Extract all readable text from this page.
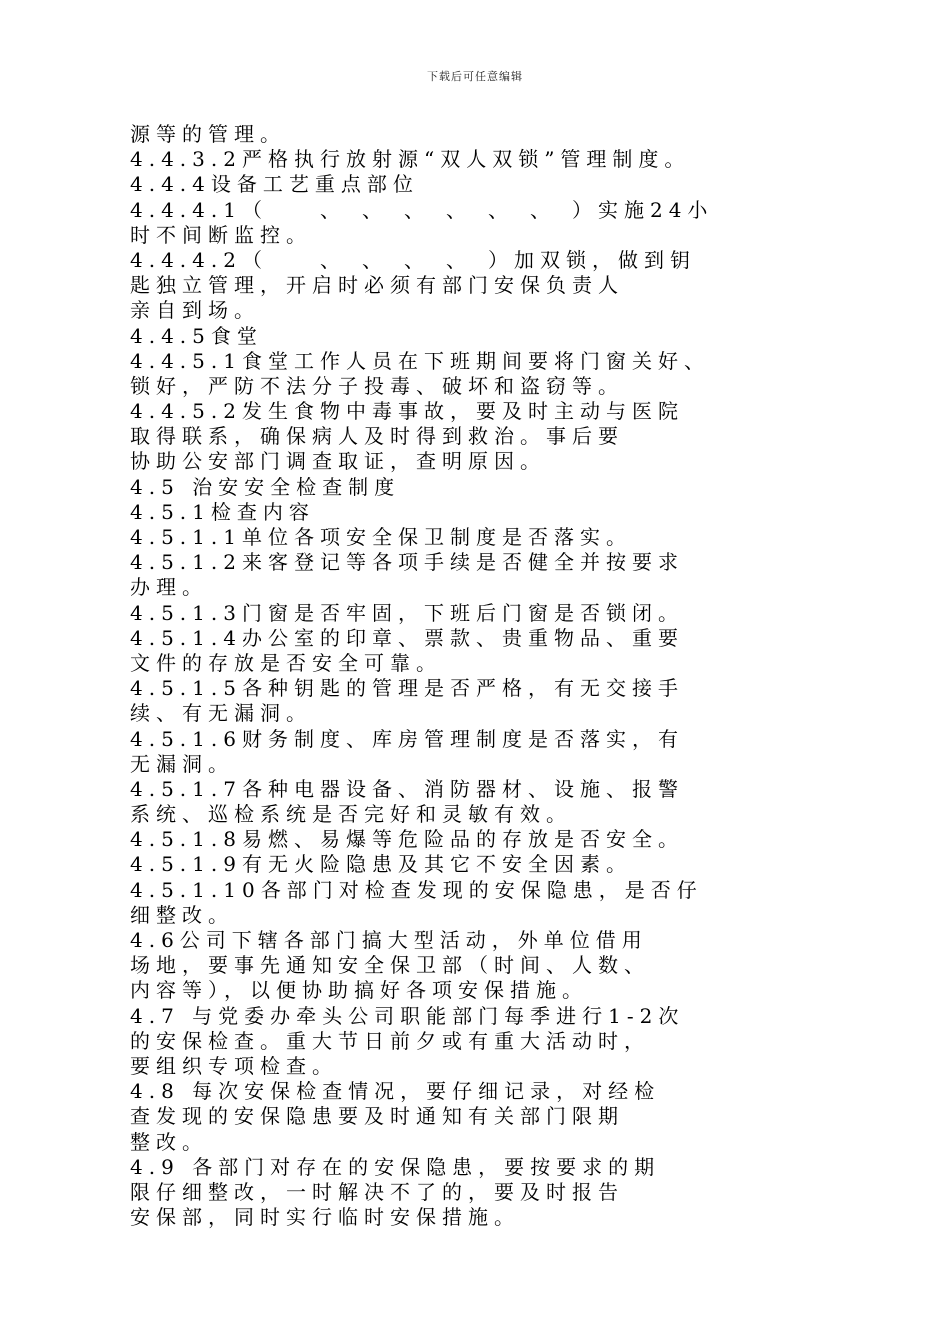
下载后可任意编辑
源等的管理。
4.4.3.2严格执行放射源“双人双锁”管理制度。
4.4.4设备工艺重点部位
4.4.4.1（　　、　、　、　、　、　、　）实施24小
时不间断监控。
4.4.4.2（　　、　、　、　、　）加双锁，做到钥
匙独立管理，开启时必须有部门安保负责人
亲自到场。
4.4.5食堂
4.4.5.1食堂工作人员在下班期间要将门窗关好、
锁好，严防不法分子投毒、破坏和盗窃等。
4.4.5.2发生食物中毒事故，要及时主动与医院
取得联系，确保病人及时得到救治。事后要
协助公安部门调查取证，查明原因。
4.5 治安安全检查制度
4.5.1检查内容
4.5.1.1单位各项安全保卫制度是否落实。
4.5.1.2来客登记等各项手续是否健全并按要求
办理。
4.5.1.3门窗是否牢固，下班后门窗是否锁闭。
4.5.1.4办公室的印章、票款、贵重物品、重要
文件的存放是否安全可靠。
4.5.1.5各种钥匙的管理是否严格，有无交接手
续、有无漏洞。
4.5.1.6财务制度、库房管理制度是否落实，有
无漏洞。
4.5.1.7各种电器设备、消防器材、设施、报警
系统、巡检系统是否完好和灵敏有效。
4.5.1.8易燃、易爆等危险品的存放是否安全。
4.5.1.9有无火险隐患及其它不安全因素。
4.5.1.10各部门对检查发现的安保隐患，是否仔
细整改。
4.6公司下辖各部门搞大型活动，外单位借用
场地，要事先通知安全保卫部（时间、人数、
内容等），以便协助搞好各项安保措施。
4.7 与党委办牵头公司职能部门每季进行1-2次
的安保检查。重大节日前夕或有重大活动时，
要组织专项检查。
4.8 每次安保检查情况，要仔细记录，对经检
查发现的安保隐患要及时通知有关部门限期
整改。
4.9 各部门对存在的安保隐患，要按要求的期
限仔细整改，一时解决不了的，要及时报告
安保部，同时实行临时安保措施。
